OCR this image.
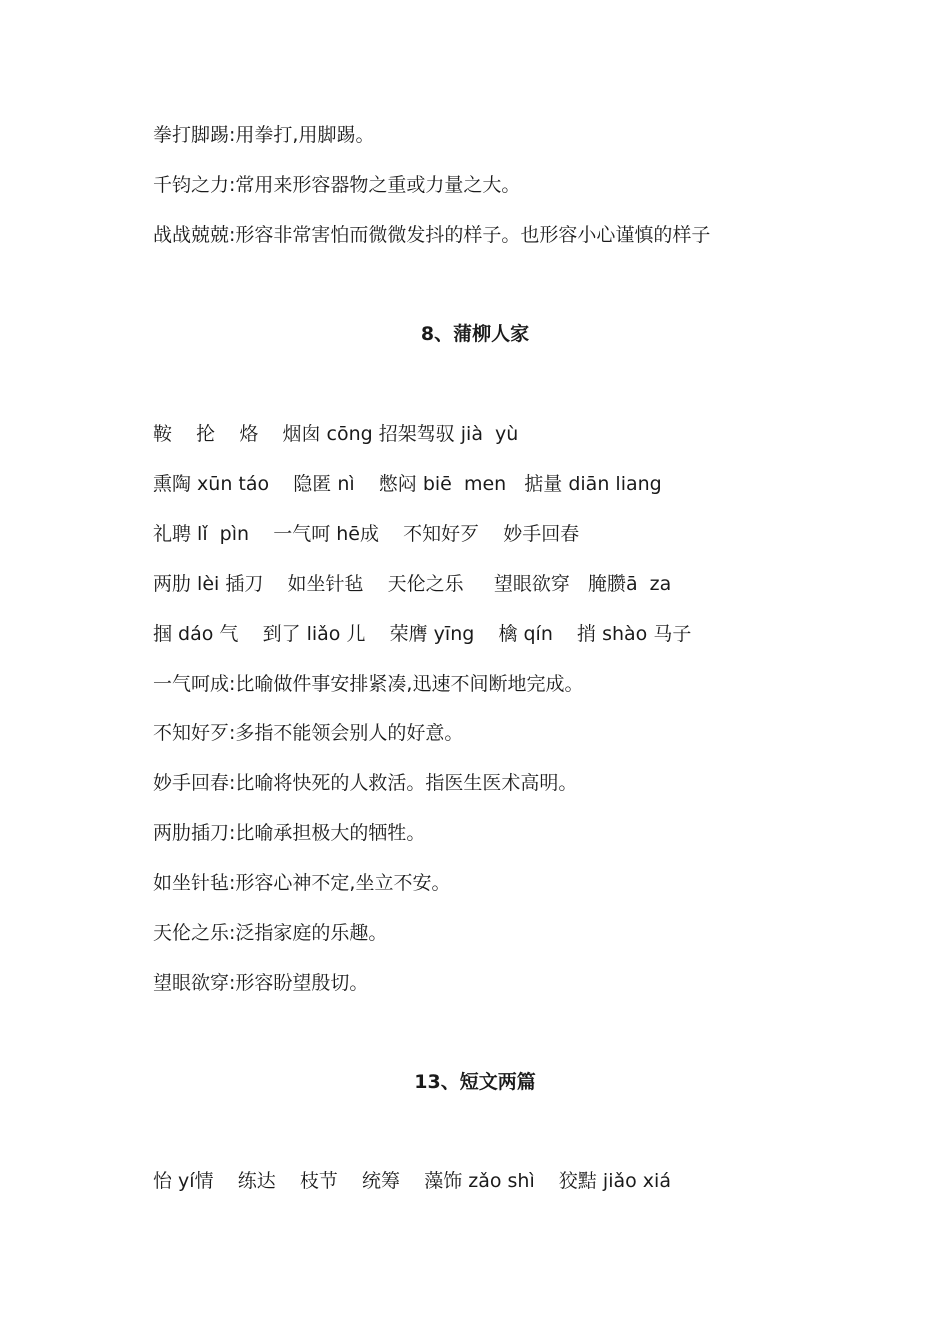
拳打脚踢:用拳打,用脚踢。

千钧之力:常用来形容器物之重或力量之大。

战战兢兢:形容非常害怕而微微发抖的样子。也形容小心谨慎的样子

8、蒲柳人家

鞍    抡    烙    烟囱 cōng 招架驾驭 jià  yù

熏陶 xūn táo    隐匿 nì    憋闷 biē  men   掂量 diān liang

礼聘 lǐ  pìn    一气呵 hē成    不知好歹    妙手回春

两肋 lèi 插刀    如坐针毡    天伦之乐     望眼欲穿   腌臜ā  za

掴 dáo 气    到了 liǎo 儿    荣膺 yīng    檎 qín    捎 shào 马子

一气呵成:比喻做件事安排紧凑,迅速不间断地完成。

不知好歹:多指不能领会别人的好意。

妙手回春:比喻将快死的人救活。指医生医术高明。

两肋插刀:比喻承担极大的牺牲。

如坐针毡:形容心神不定,坐立不安。

天伦之乐:泛指家庭的乐趣。

望眼欲穿:形容盼望殷切。

13、短文两篇

怡 yí情    练达    枝节    统筹    藻饰 zǎo shì    狡黠 jiǎo xiá
